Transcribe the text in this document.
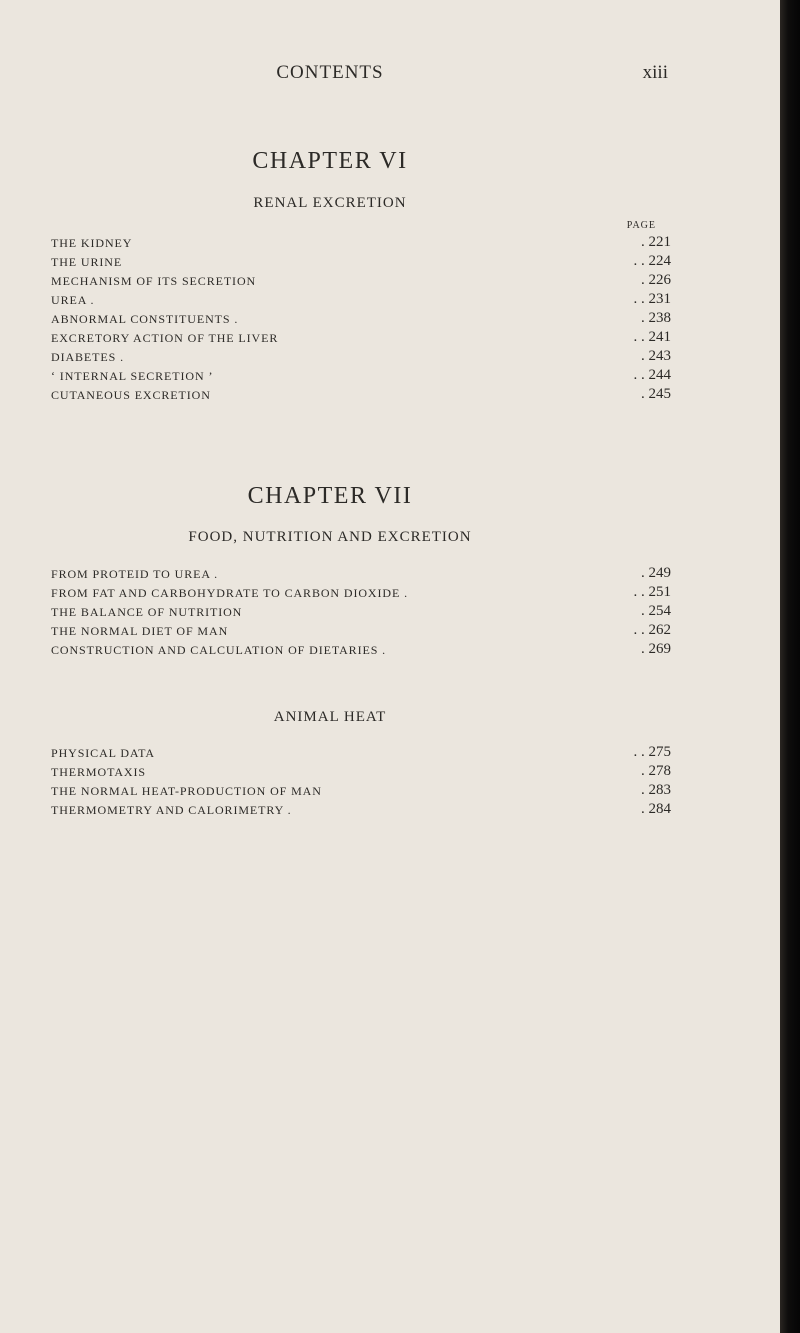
CONTENTS	xiii
CHAPTER VI
RENAL EXCRETION
PAGE
THE KIDNEY	. 221
THE URINE	. . 224
MECHANISM OF ITS SECRETION	. 226
UREA .	. . 231
ABNORMAL CONSTITUENTS .	. 238
EXCRETORY ACTION OF THE LIVER	. . 241
DIABETES .	. 243
‘ INTERNAL SECRETION ’	. . 244
CUTANEOUS EXCRETION	. 245
CHAPTER VII
FOOD, NUTRITION AND EXCRETION
FROM PROTEID TO UREA .	. 249
FROM FAT AND CARBOHYDRATE TO CARBON DIOXIDE .	. . 251
THE BALANCE OF NUTRITION	. 254
THE NORMAL DIET OF MAN	. . 262
CONSTRUCTION AND CALCULATION OF DIETARIES .	. 269
ANIMAL HEAT
PHYSICAL DATA	. . 275
THERMOTAXIS	. 278
THE NORMAL HEAT-PRODUCTION OF MAN	. 283
THERMOMETRY AND CALORIMETRY .	. 284
